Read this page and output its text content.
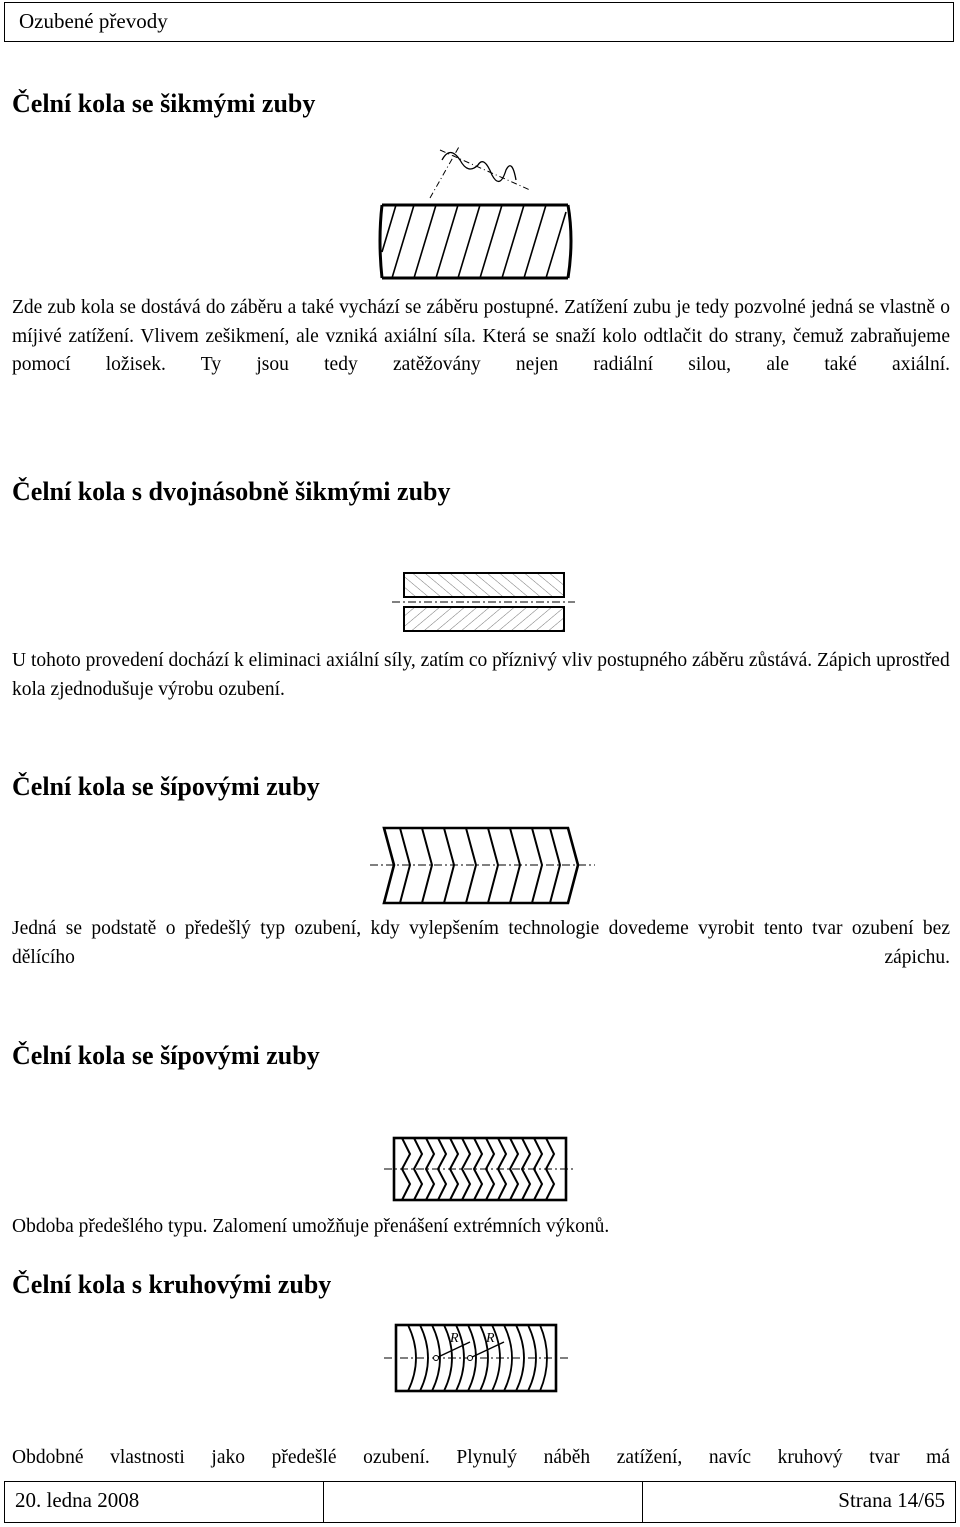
Ozubené převody
Čelní kola se šikmými zuby

Zde zub kola se dostává do záběru a také vychází se záběru postupné. Zatížení zubu je tedy pozvolné jedná se vlastně o míjivé zatížení. Vlivem zešikmení, ale vzniká axiální síla. Která se snaží kolo odtlačit do strany, čemuž zabraňujeme pomocí ložisek. Ty jsou tedy zatěžovány nejen radiální silou, ale také axiální.

Čelní kola s dvojnásobně šikmými zuby

U tohoto provedení dochází k eliminaci axiální síly, zatím co příznivý vliv postupného záběru zůstává. Zápich uprostřed kola zjednodušuje výrobu ozubení.

Čelní kola se šípovými zuby

Jedná se podstatě o předešlý typ ozubení, kdy vylepšením technologie dovedeme vyrobit tento tvar ozubení bez dělícího zápichu.

Čelní kola se šípovými zuby

Obdoba předešlého typu. Zalomení umožňuje přenášení extrémních výkonů.

Čelní kola s kruhovými zuby
R R

Obdobné vlastnosti jako předešlé ozubení. Plynulý náběh zatížení, navíc kruhový tvar má

20. ledna 2008	Strana 14/65
